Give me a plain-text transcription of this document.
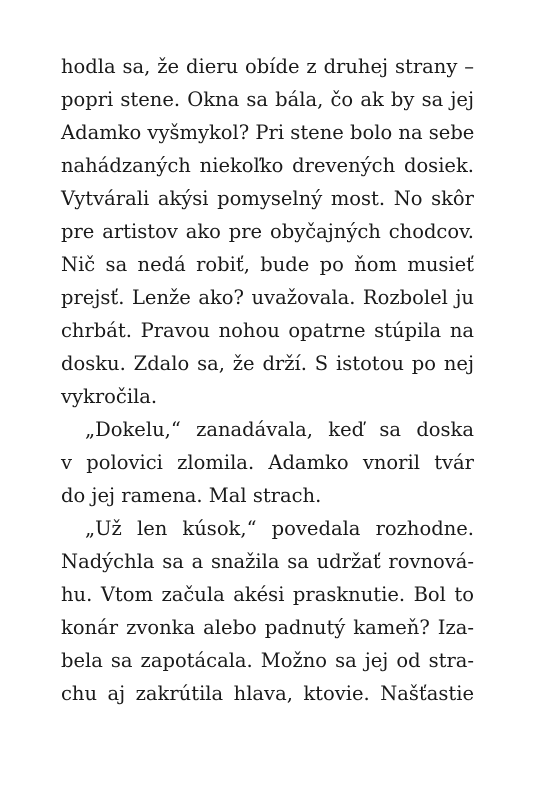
hodla sa, že dieru obíde z druhej strany –
popri stene. Okna sa bála, čo ak by sa jej
Adamko vyšmykol? Pri stene bolo na sebe
nahádzaných niekoľko drevených dosiek.
Vytvárali akýsi pomyselný most. No skôr
pre artistov ako pre obyčajných chodcov.
Nič sa nedá robiť, bude po ňom musieť
prejsť. Lenže ako? uvažovala. Rozbolel ju
chrbát. Pravou nohou opatrne stúpila na
dosku. Zdalo sa, že drží. S istotou po nej
vykročila.
„Dokelu,“ zanadávala, keď sa doska
v polovici zlomila. Adamko vnoril tvár
do jej ramena. Mal strach.
„Už len kúsok,“ povedala rozhodne.
Nadýchla sa a snažila sa udržať rovnová-
hu. Vtom začula akési prasknutie. Bol to
konár zvonka alebo padnutý kameň? Iza-
bela sa zapotácala. Možno sa jej od stra-
chu aj zakrútila hlava, ktovie. Našťastie
